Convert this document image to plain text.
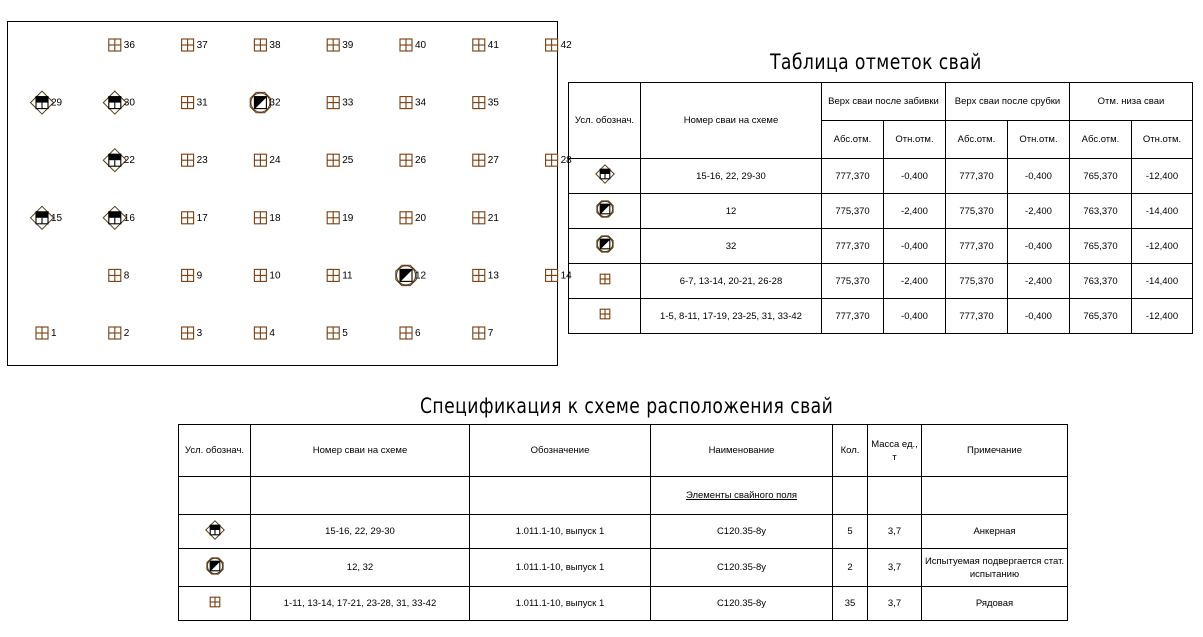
36	37	38	39	40	41	42
29	30	31	32	33	34	35
22	23	24	25	26	27	28
15	16	17	18	19	20	21
8	9	10	11	12	13	14
1	2	3	4	5	6	7
Таблица отметок свай
Усл. обознач.	Номер сваи на схеме	Верх сваи после забивки		Верх сваи после срубки		Отм. низа сваи	
		Абс.отм.	Отн.отм.	Абс.отм.	Отн.отм.	Абс.отм.	Отн.отм.
	15-16, 22, 29-30	777,370	-0,400	777,370	-0,400	765,370	-12,400
	12	775,370	-2,400	775,370	-2,400	763,370	-14,400
	32	777,370	-0,400	777,370	-0,400	765,370	-12,400
	6-7, 13-14, 20-21, 26-28	775,370	-2,400	775,370	-2,400	763,370	-14,400
	1-5, 8-11, 17-19, 23-25, 31, 33-42	777,370	-0,400	777,370	-0,400	765,370	-12,400
Спецификация к схеме расположения свай
Усл. обознач.	Номер сваи на схеме	Обозначение	Наименование	Кол.	Масса ед., т	Примечание
			Элементы свайного поля			
	15-16, 22, 29-30	1.011.1-10, выпуск 1	С120.35-8у	5	3,7	Анкерная
	12, 32	1.011.1-10, выпуск 1	С120.35-8у	2	3,7	Испытуемая подвергается стат. испытанию
	1-11, 13-14, 17-21, 23-28, 31, 33-42	1.011.1-10, выпуск 1	С120.35-8у	35	3,7	Рядовая
